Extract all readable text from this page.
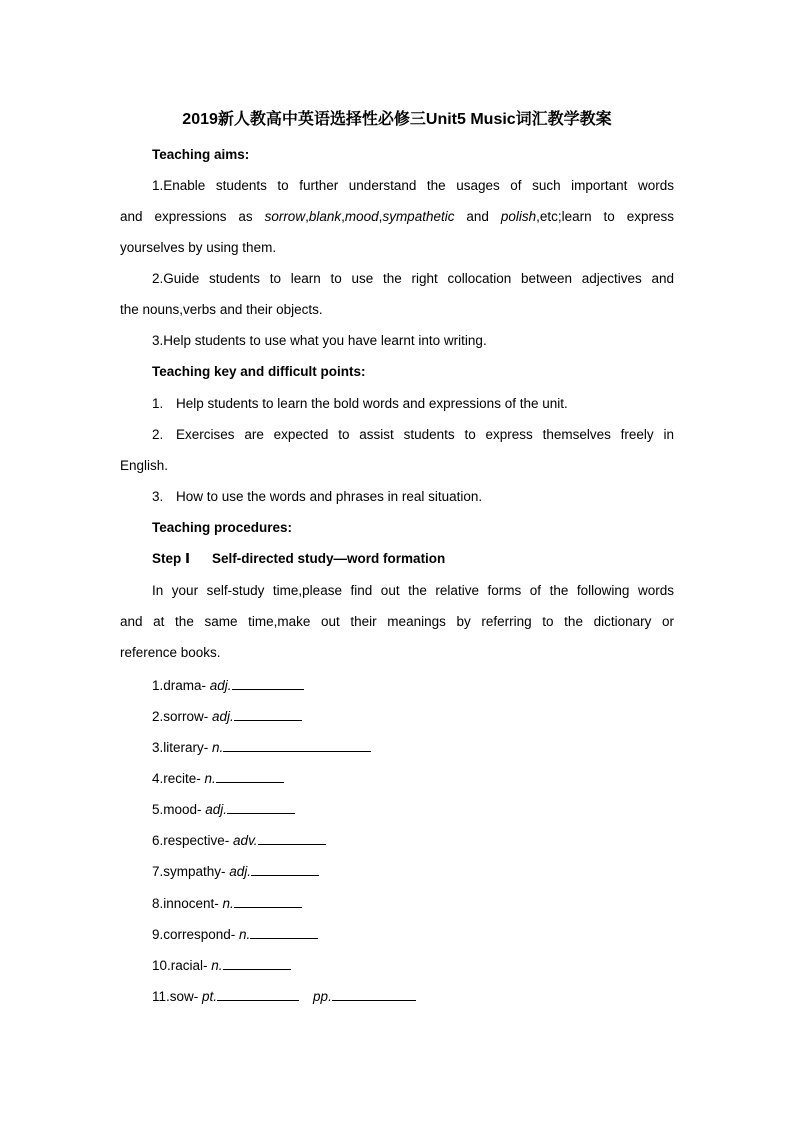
2019新人教高中英语选择性必修三Unit5 Music词汇教学教案
Teaching aims:
1.Enable students to further understand the usages of such important words
and expressions as sorrow,blank,mood,sympathetic and polish,etc;learn to express
yourselves by using them.
2.Guide students to learn to use the right collocation between adjectives and
the nouns,verbs and their objects.
3.Help students to use what you have learnt into writing.
Teaching key and difficult points:
1. Help students to learn the bold words and expressions of the unit.
2. Exercises are expected to assist students to express themselves freely in
English.
3. How to use the words and phrases in real situation.
Teaching procedures:
Step Ⅰ Self-directed study—word formation
In your self-study time,please find out the relative forms of the following words
and at the same time,make out their meanings by referring to the dictionary or
reference books.
1.drama- adj.
2.sorrow- adj.
3.literary- n.
4.recite- n.
5.mood- adj.
6.respective- adv.
7.sympathy- adj.
8.innocent- n.
9.correspond- n.
10.racial- n.
11.sow- pt.	pp.
